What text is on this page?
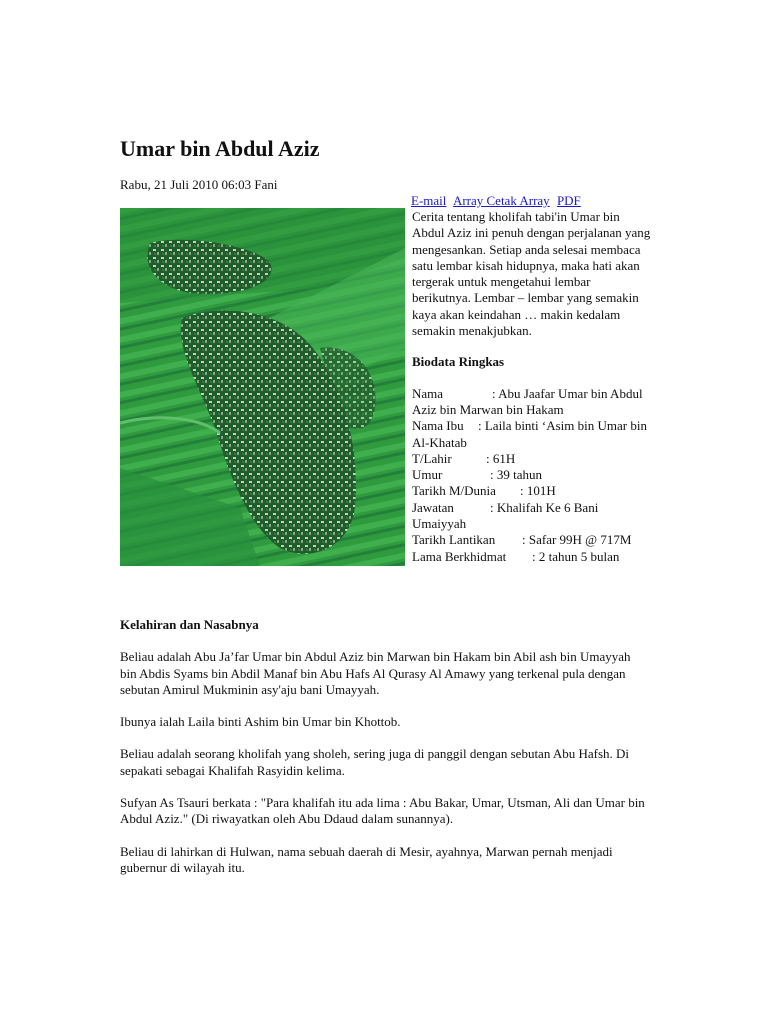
Umar bin Abdul Aziz
Rabu, 21 Juli 2010 06:03 Fani
E-mail Array Cetak Array PDF

Cerita tentang kholifah tabi'in Umar bin Abdul Aziz ini penuh dengan perjalanan yang mengesankan. Setiap anda selesai membaca satu lembar kisah hidupnya, maka hati akan tergerak untuk mengetahui lembar berikutnya. Lembar – lembar yang semakin kaya akan keindahan … makin kedalam semakin menakjubkan.

Biodata Ringkas

Nama	: Abu Jaafar Umar bin Abdul Aziz bin Marwan bin Hakam
Nama Ibu : Laila binti ‘Asim bin Umar bin Al-Khatab
T/Lahir	: 61H
Umur	: 39 tahun
Tarikh M/Dunia : 101H
Jawatan	: Khalifah Ke 6 Bani Umaiyyah
Tarikh Lantikan : Safar 99H @ 717M
Lama Berkhidmat : 2 tahun 5 bulan

Kelahiran dan Nasabnya

Beliau adalah Abu Ja’far Umar bin Abdul Aziz bin Marwan bin Hakam bin Abil ash bin Umayyah bin Abdis Syams bin Abdil Manaf bin Abu Hafs Al Qurasy Al Amawy yang terkenal pula dengan sebutan Amirul Mukminin asy'aju bani Umayyah.

Ibunya ialah Laila binti Ashim bin Umar bin Khottob.

Beliau adalah seorang kholifah yang sholeh, sering juga di panggil dengan sebutan Abu Hafsh. Di sepakati sebagai Khalifah Rasyidin kelima.

Sufyan As Tsauri berkata : "Para khalifah itu ada lima : Abu Bakar, Umar, Utsman, Ali dan Umar bin Abdul Aziz." (Di riwayatkan oleh Abu Ddaud dalam sunannya).

Beliau di lahirkan di Hulwan, nama sebuah daerah di Mesir, ayahnya, Marwan pernah menjadi gubernur di wilayah itu.
